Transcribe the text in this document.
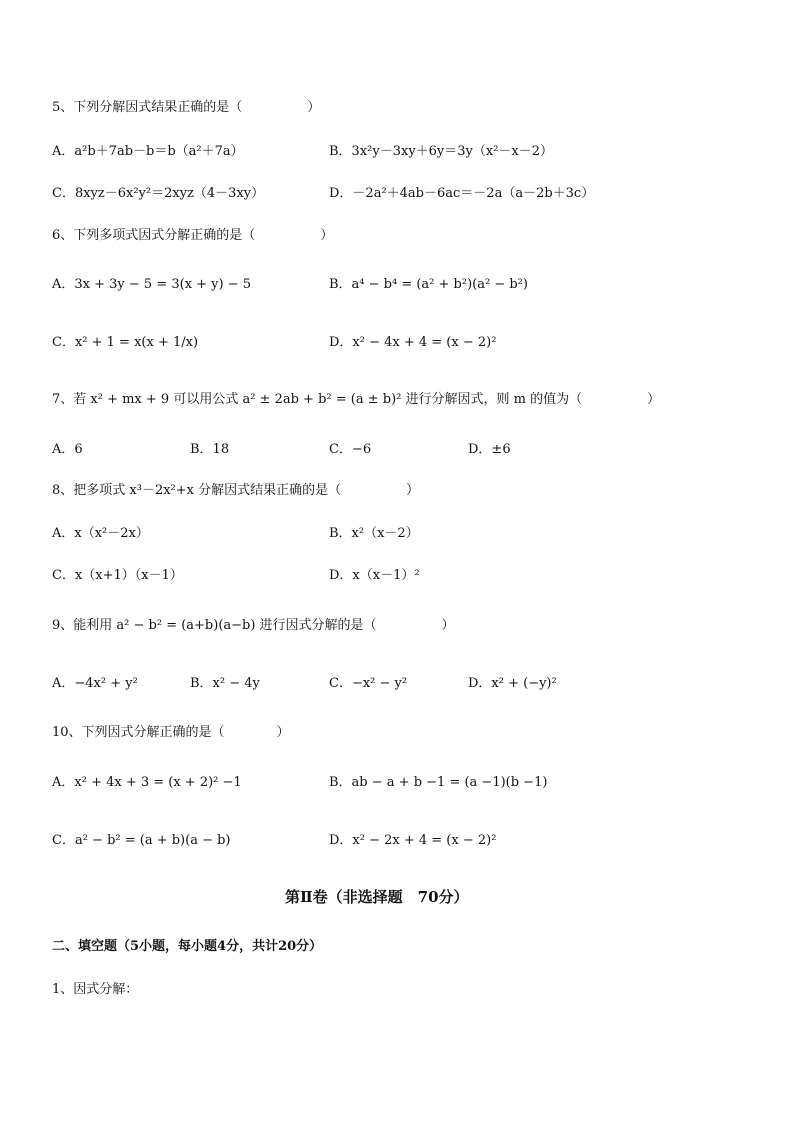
5、下列分解因式结果正确的是（　　　　　）
A．a²b＋7ab－b＝b（a²＋7a）	B．3x²y－3xy＋6y＝3y（x²－x－2）
C．8xyz－6x²y²＝2xyz（4－3xy）	D．－2a²＋4ab－6ac＝－2a（a－2b＋3c）
6、下列多项式因式分解正确的是（　　　　　）
A．3x + 3y − 5 = 3(x + y) − 5	B．a⁴ − b⁴ = (a² + b²)(a² − b²)
C．x² + 1 = x(x + 1/x)	D．x² − 4x + 4 = (x − 2)²
7、若 x² + mx + 9 可以用公式 a² ± 2ab + b² = (a ± b)² 进行分解因式，则 m 的值为（　　　　　）
A．6	B．18	C．−6	D．±6
8、把多项式 x³－2x²+x 分解因式结果正确的是（　　　　　）
A．x（x²－2x）	B．x²（x－2）
C．x（x+1）（x－1）	D．x（x－1）²
9、能利用 a² − b² = (a+b)(a−b) 进行因式分解的是（　　　　　）
A．−4x² + y²	B．x² − 4y	C．−x² − y²	D．x² + (−y)²
10、下列因式分解正确的是（　　　　）
A．x² + 4x + 3 = (x + 2)² −1	B．ab − a + b −1 = (a −1)(b −1)
C．a² − b² = (a + b)(a − b)	D．x² − 2x + 4 = (x − 2)²
第Ⅱ卷（非选择题　70分）
二、填空题（5小题，每小题4分，共计20分）
1、因式分解：
